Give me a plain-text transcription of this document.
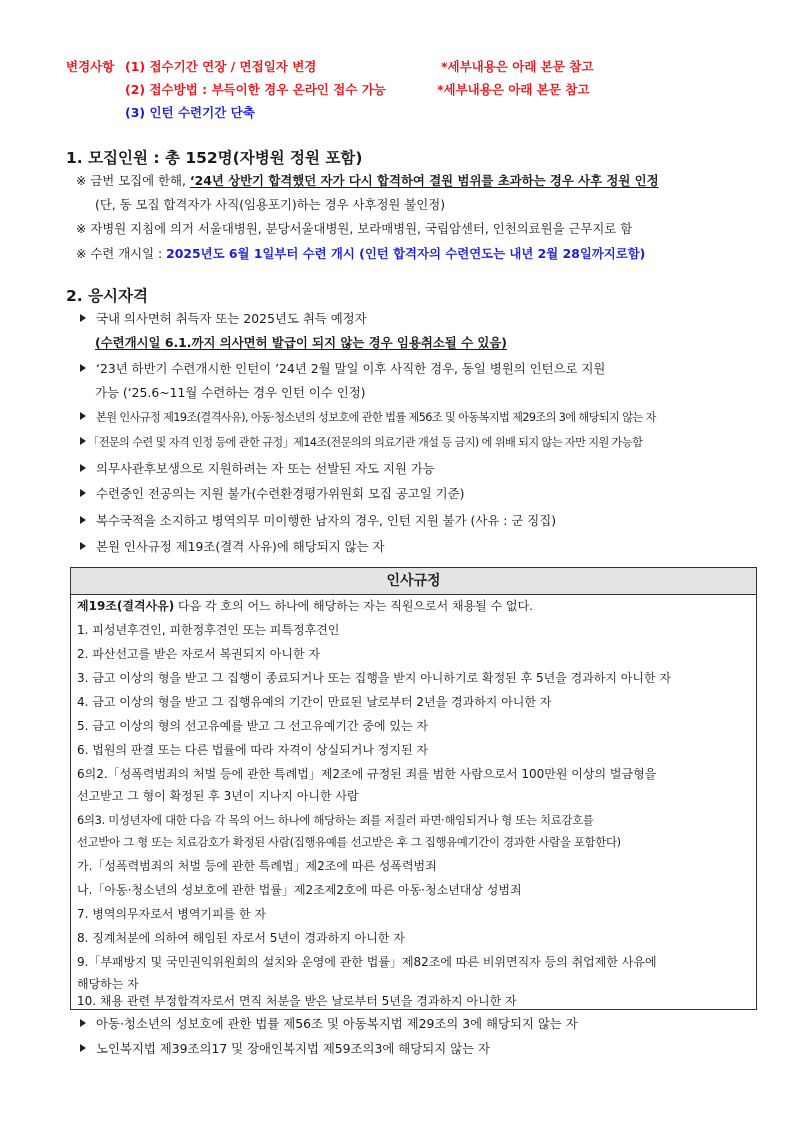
변경사항 (1) 접수기간 연장 / 면접일자 변경	*세부내용은 아래 본문 참고
(2) 접수방법 : 부득이한 경우 온라인 접수 가능	*세부내용은 아래 본문 참고
(3) 인턴 수련기간 단축
1. 모집인원 : 총 152명(자병원 정원 포함)
※ 금번 모집에 한해, ‘24년 상반기 합격했던 자가 다시 합격하여 결원 범위를 초과하는 경우 사후 정원 인정
(단, 동 모집 합격자가 사직(임용포기)하는 경우 사후정원 불인정)
※ 자병원 지침에 의거 서울대병원, 분당서울대병원, 보라매병원, 국립암센터, 인천의료원을 근무지로 함
※ 수련 개시일 : 2025년도 6월 1일부터 수련 개시 (인턴 합격자의 수련연도는 내년 2월 28일까지로함)
2. 응시자격
국내 의사면허 취득자 또는 2025년도 취득 예정자
(수련개시일 6.1.까지 의사면허 발급이 되지 않는 경우 임용취소될 수 있음)
‘23년 하반기 수련개시한 인턴이 ’24년 2월 말일 이후 사직한 경우, 동일 병원의 인턴으로 지원
가능 (‘25.6~11월 수련하는 경우 인턴 이수 인정)
본원 인사규정 제19조(결격사유), 아동·청소년의 성보호에 관한 법률 제56조 및 아동복지법 제29조의 3에 해당되지 않는 자
「전문의 수련 및 자격 인정 등에 관한 규정」제14조(전문의의 의료기관 개설 등 금지) 에 위배 되지 않는 자만 지원 가능함
의무사관후보생으로 지원하려는 자 또는 선발된 자도 지원 가능
수련중인 전공의는 지원 불가(수련환경평가위원회 모집 공고일 기준)
복수국적을 소지하고 병역의무 미이행한 남자의 경우, 인턴 지원 불가 (사유 : 군 징집)
본원 인사규정 제19조(결격 사유)에 해당되지 않는 자
인사규정
제19조(결격사유) 다음 각 호의 어느 하나에 해당하는 자는 직원으로서 채용될 수 없다.
1. 피성년후견인, 피한정후견인 또는 피특정후견인
2. 파산선고를 받은 자로서 복권되지 아니한 자
3. 금고 이상의 형을 받고 그 집행이 종료되거나 또는 집행을 받지 아니하기로 확정된 후 5년을 경과하지 아니한 자
4. 금고 이상의 형을 받고 그 집행유예의 기간이 만료된 날로부터 2년을 경과하지 아니한 자
5. 금고 이상의 형의 선고유예를 받고 그 선고유예기간 중에 있는 자
6. 법원의 판결 또는 다른 법률에 따라 자격이 상실되거나 정지된 자
6의2.「성폭력범죄의 처벌 등에 관한 특례법」제2조에 규정된 죄를 범한 사람으로서 100만원 이상의 벌금형을
선고받고 그 형이 확정된 후 3년이 지나지 아니한 사람
6의3. 미성년자에 대한 다음 각 목의 어느 하나에 해당하는 죄를 저질러 파면·해임되거나 형 또는 치료감호를
선고받아 그 형 또는 치료감호가 확정된 사람(집행유예를 선고받은 후 그 집행유예기간이 경과한 사람을 포함한다)
가.「성폭력범죄의 처벌 등에 관한 특례법」제2조에 따른 성폭력범죄
나.「아동·청소년의 성보호에 관한 법률」제2조제2호에 따른 아동·청소년대상 성범죄
7. 병역의무자로서 병역기피를 한 자
8. 징계처분에 의하여 해임된 자로서 5년이 경과하지 아니한 자
9.「부패방지 및 국민권익위원회의 설치와 운영에 관한 법률」제82조에 따른 비위면직자 등의 취업제한 사유에
해당하는 자
10. 채용 관련 부정합격자로서 면직 처분을 받은 날로부터 5년을 경과하지 아니한 자
아동·청소년의 성보호에 관한 법률 제56조 및 아동복지법 제29조의 3에 해당되지 않는 자
노인복지법 제39조의17 및 장애인복지법 제59조의3에 해당되지 않는 자
